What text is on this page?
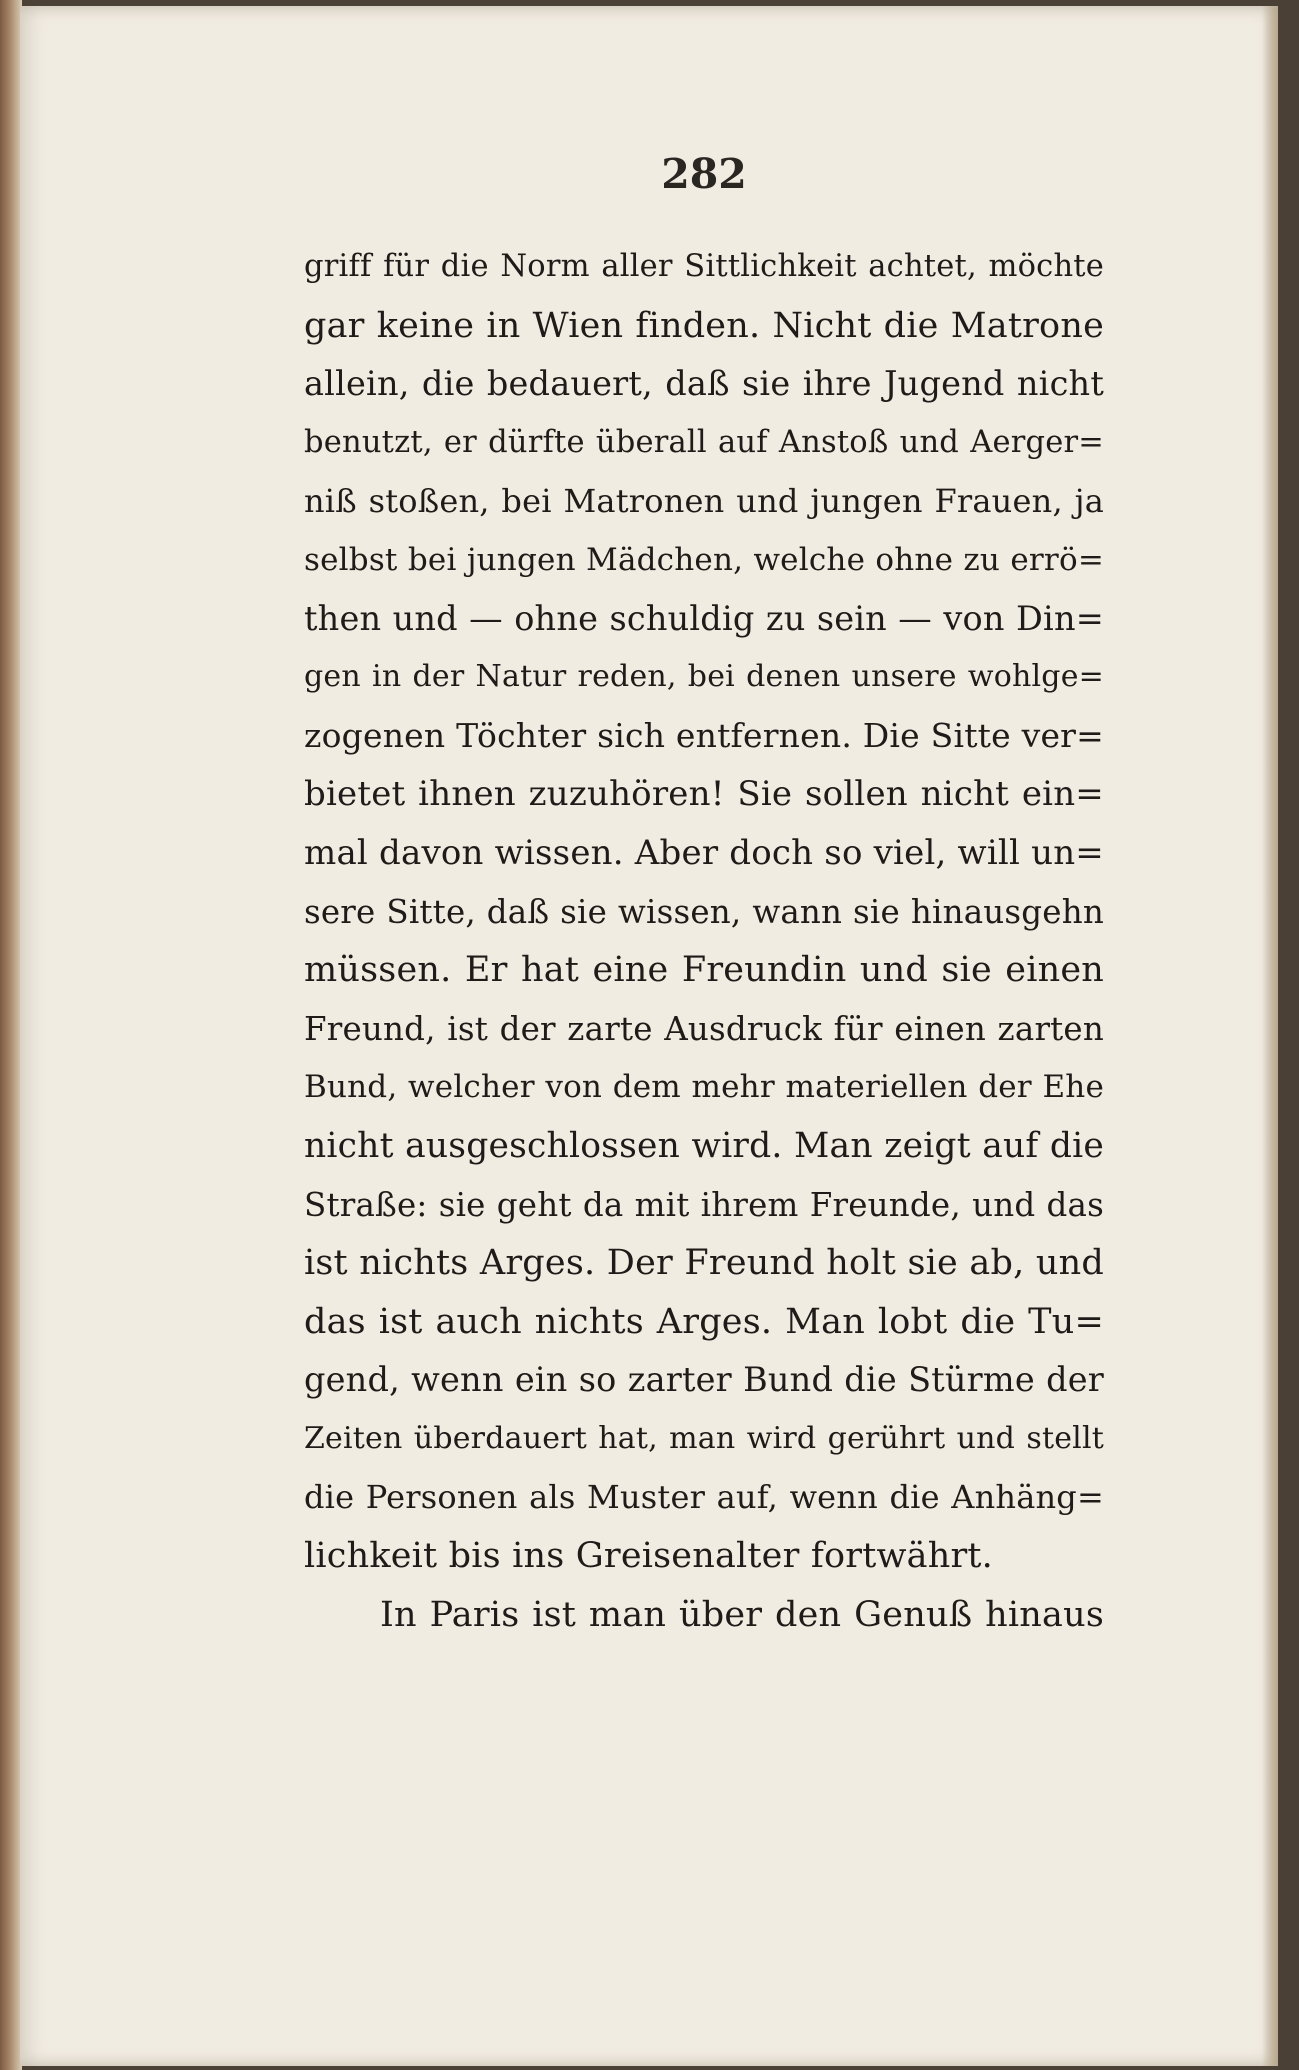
282
griff für die Norm aller Sittlichkeit achtet, möchte
gar keine in Wien finden. Nicht die Matrone
allein, die bedauert, daß sie ihre Jugend nicht
benutzt, er dürfte überall auf Anstoß und Aerger=
niß stoßen, bei Matronen und jungen Frauen, ja
selbst bei jungen Mädchen, welche ohne zu errö=
then und — ohne schuldig zu sein — von Din=
gen in der Natur reden, bei denen unsere wohlge=
zogenen Töchter sich entfernen. Die Sitte ver=
bietet ihnen zuzuhören! Sie sollen nicht ein=
mal davon wissen. Aber doch so viel, will un=
sere Sitte, daß sie wissen, wann sie hinausgehn
müssen. Er hat eine Freundin und sie einen
Freund, ist der zarte Ausdruck für einen zarten
Bund, welcher von dem mehr materiellen der Ehe
nicht ausgeschlossen wird. Man zeigt auf die
Straße: sie geht da mit ihrem Freunde, und das
ist nichts Arges. Der Freund holt sie ab, und
das ist auch nichts Arges. Man lobt die Tu=
gend, wenn ein so zarter Bund die Stürme der
Zeiten überdauert hat, man wird gerührt und stellt
die Personen als Muster auf, wenn die Anhäng=
lichkeit bis ins Greisenalter fortwährt.
In Paris ist man über den Genuß hinaus
